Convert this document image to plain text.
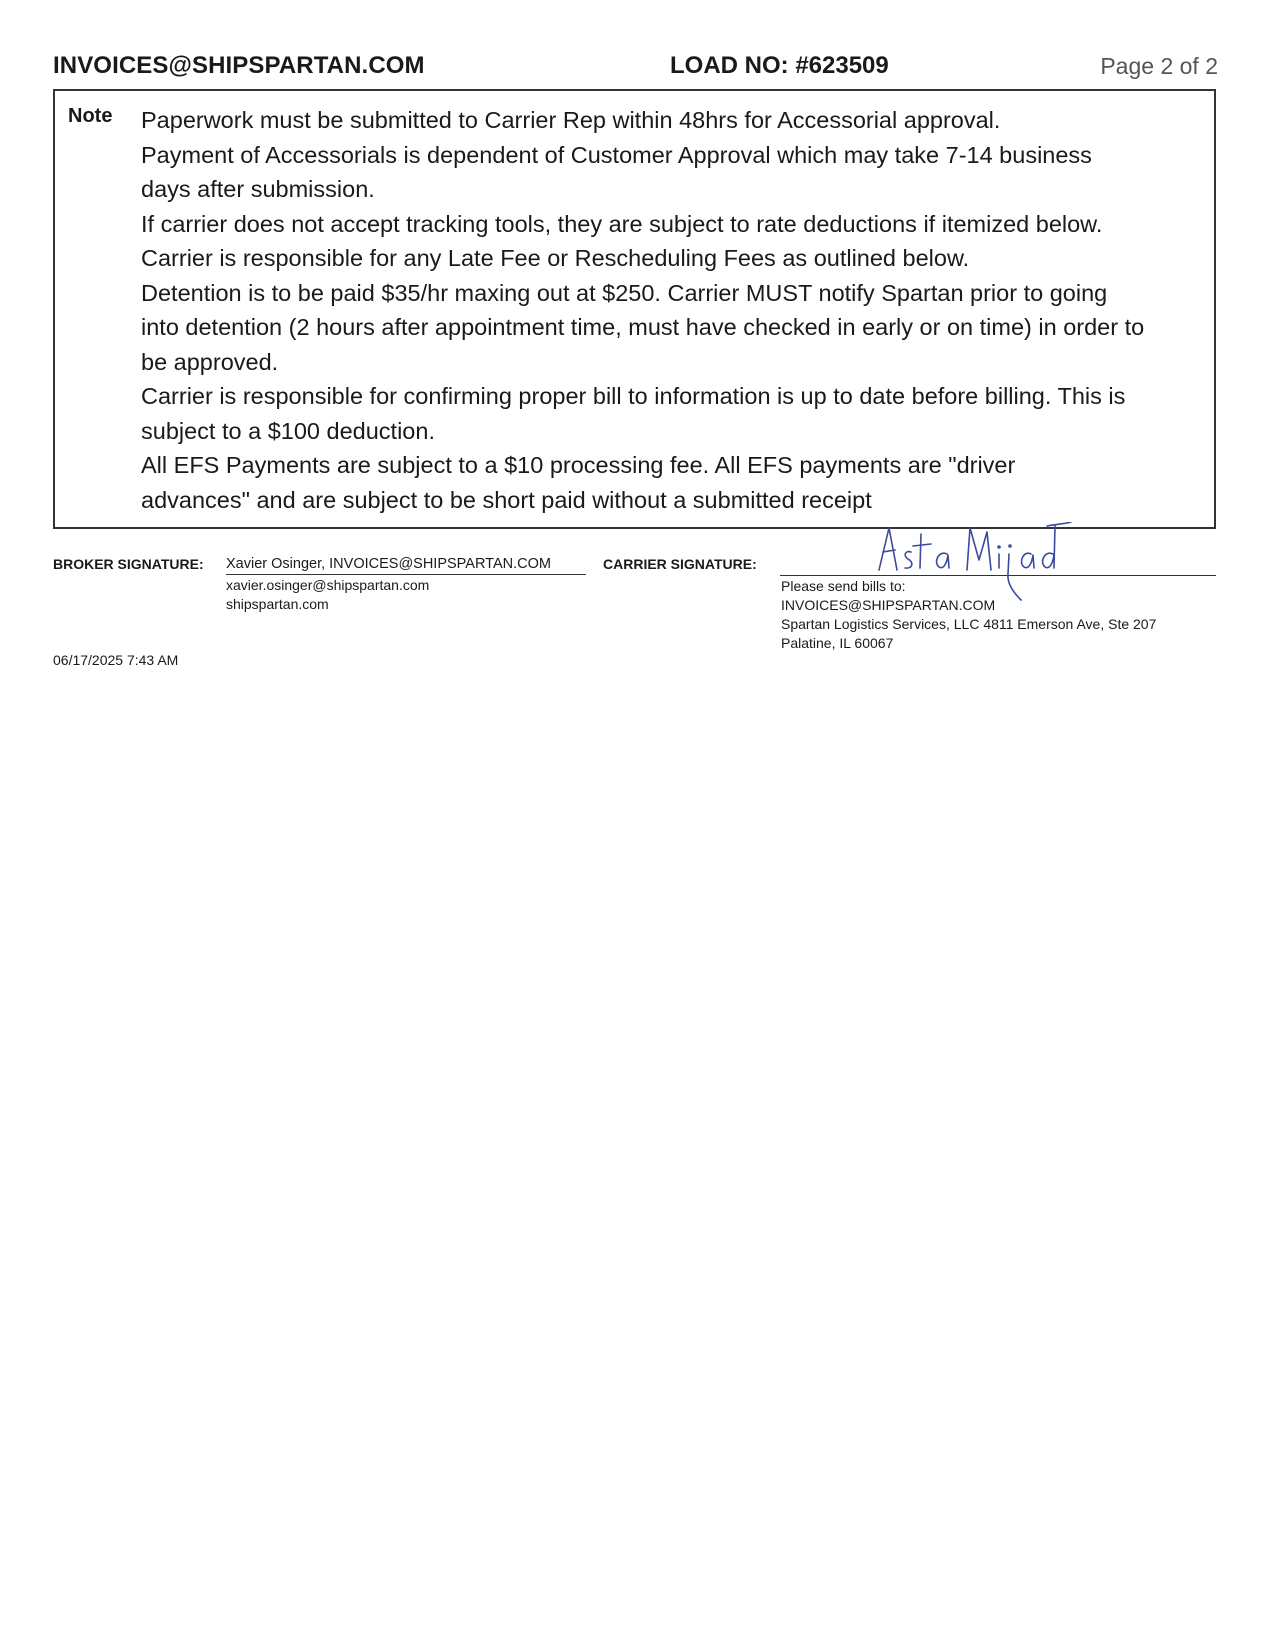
INVOICES@SHIPSPARTAN.COM	LOAD NO: #623509	Page 2 of 2
Note Paperwork must be submitted to Carrier Rep within 48hrs for Accessorial approval.
Payment of Accessorials is dependent of Customer Approval which may take 7-14 business
days after submission.
If carrier does not accept tracking tools, they are subject to rate deductions if itemized below.
Carrier is responsible for any Late Fee or Rescheduling Fees as outlined below.
Detention is to be paid $35/hr maxing out at $250. Carrier MUST notify Spartan prior to going
into detention (2 hours after appointment time, must have checked in early or on time) in order to
be approved.
Carrier is responsible for confirming proper bill to information is up to date before billing. This is
subject to a $100 deduction.
All EFS Payments are subject to a $10 processing fee. All EFS payments are "driver
advances" and are subject to be short paid without a submitted receipt
BROKER SIGNATURE: Xavier Osinger, INVOICES@SHIPSPARTAN.COM
xavier.osinger@shipspartan.com
shipspartan.com
CARRIER SIGNATURE:
Please send bills to:
INVOICES@SHIPSPARTAN.COM
Spartan Logistics Services, LLC 4811 Emerson Ave, Ste 207
Palatine, IL 60067
06/17/2025 7:43 AM
